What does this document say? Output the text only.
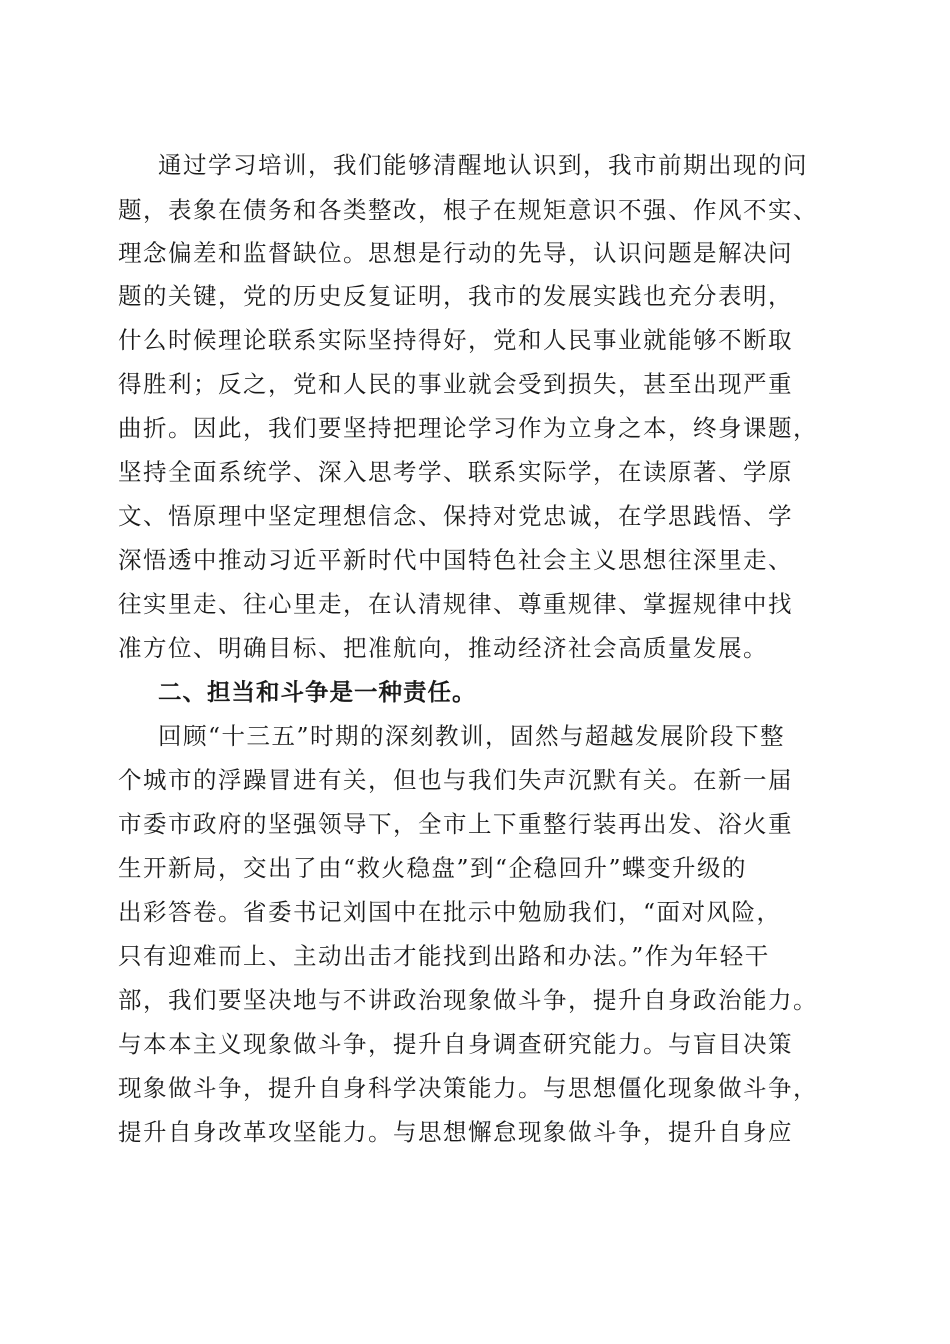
通过学习培训，我们能够清醒地认识到，我市前期出现的问
题，表象在债务和各类整改，根子在规矩意识不强、作风不实、
理念偏差和监督缺位。思想是行动的先导，认识问题是解决问
题的关键，党的历史反复证明，我市的发展实践也充分表明，
什么时候理论联系实际坚持得好，党和人民事业就能够不断取
得胜利；反之，党和人民的事业就会受到损失，甚至出现严重
曲折。因此，我们要坚持把理论学习作为立身之本，终身课题，
坚持全面系统学、深入思考学、联系实际学，在读原著、学原
文、悟原理中坚定理想信念、保持对党忠诚，在学思践悟、学
深悟透中推动习近平新时代中国特色社会主义思想往深里走、
往实里走、往心里走，在认清规律、尊重规律、掌握规律中找
准方位、明确目标、把准航向，推动经济社会高质量发展。
二、担当和斗争是一种责任。
回顾“十三五”时期的深刻教训，固然与超越发展阶段下整
个城市的浮躁冒进有关，但也与我们失声沉默有关。在新一届
市委市政府的坚强领导下，全市上下重整行装再出发、浴火重
生开新局，交出了由“救火稳盘”到“企稳回升”蝶变升级的
出彩答卷。省委书记刘国中在批示中勉励我们，“面对风险，
只有迎难而上、主动出击才能找到出路和办法。”作为年轻干
部，我们要坚决地与不讲政治现象做斗争，提升自身政治能力。
与本本主义现象做斗争，提升自身调查研究能力。与盲目决策
现象做斗争，提升自身科学决策能力。与思想僵化现象做斗争，
提升自身改革攻坚能力。与思想懈怠现象做斗争，提升自身应
